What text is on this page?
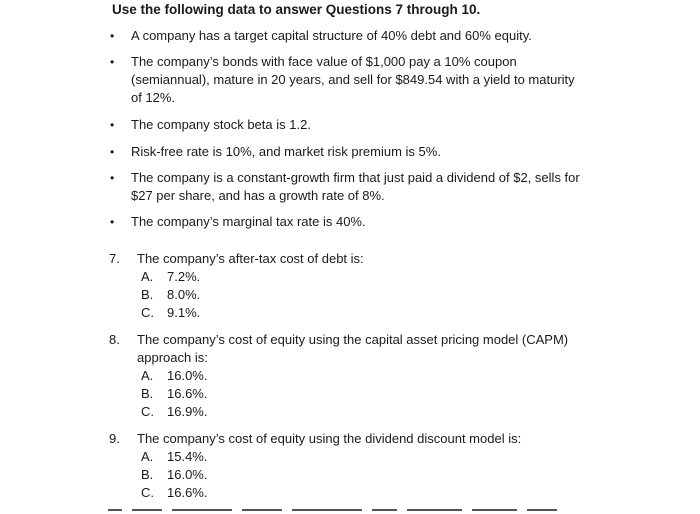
Use the following data to answer Questions 7 through 10.
•	A company has a target capital structure of 40% debt and 60% equity.
•	The company’s bonds with face value of $1,000 pay a 10% coupon
(semiannual), mature in 20 years, and sell for $849.54 with a yield to maturity
of 12%.
•	The company stock beta is 1.2.
•	Risk-free rate is 10%, and market risk premium is 5%.
•	The company is a constant-growth firm that just paid a dividend of $2, sells for
$27 per share, and has a growth rate of 8%.
•	The company’s marginal tax rate is 40%.
7. The company’s after-tax cost of debt is:
A. 7.2%.
B. 8.0%.
C. 9.1%.
8. The company’s cost of equity using the capital asset pricing model (CAPM)
approach is:
A. 16.0%.
B. 16.6%.
C. 16.9%.
9. The company’s cost of equity using the dividend discount model is:
A. 15.4%.
B. 16.0%.
C. 16.6%.
